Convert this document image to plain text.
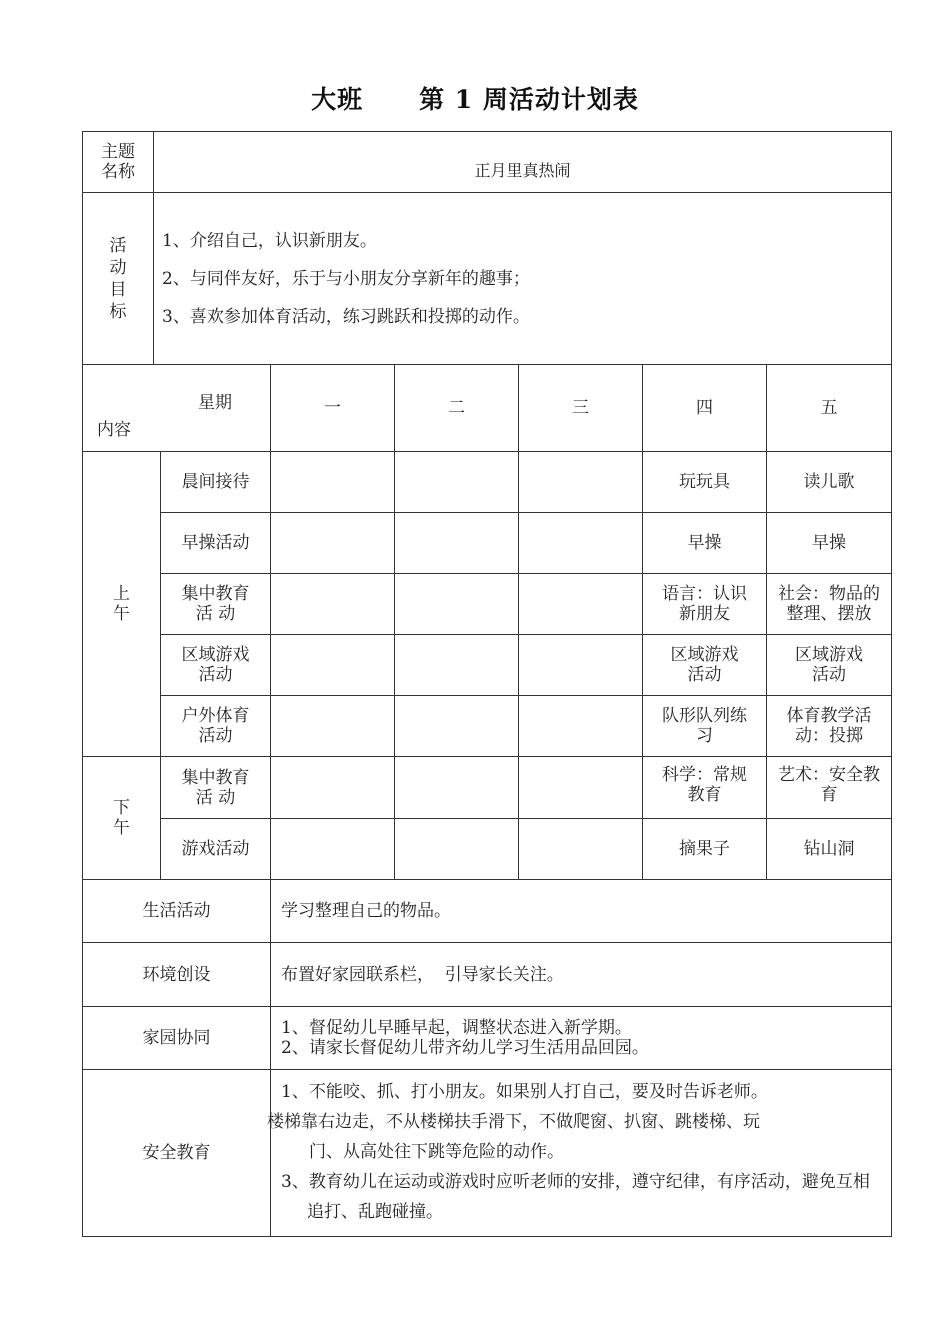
大班 第 1 周活动计划表
主题名称	正月里真热闹						
活 动 目 标	1、介绍自己，认识新朋友。
2、与同伴友好，乐于与小朋友分享新年的趣事；
3、喜欢参加体育活动，练习跳跃和投掷的动作。						

星期
内容			一	二	三	四	五
上
午		晨间接待				玩玩具	读儿歌
		早操活动				早操	早操
		集中教育活 动				语言：认识新朋友	社会：物品的整理、摆放
		区域游戏活动				区域游戏活动	区域游戏活动
		户外体育活动				队形队列练习	体育教学活动：投掷
下
午		集中教育活 动				科学：常规教育	艺术：安全教育
		游戏活动				摘果子	钻山洞
生活活动			学习整理自己的物品。				
环境创设			布置好家园联系栏，  引导家长关注。				
家园协同			1、督促幼儿早睡早起，调整状态进入新学期。
2、请家长督促幼儿带齐幼儿学习生活用品回园。				

安全教育			1、不能咬、抓、打小朋友。如果别人打自己，要及时告诉老师。
楼梯靠右边走，不从楼梯扶手滑下，不做爬窗、扒窗、跳楼梯、玩
门、从高处往下跳等危险的动作。
3、教育幼儿在运动或游戏时应听老师的安排，遵守纪律，有序活动，避免互相追打、乱跑碰撞。				
